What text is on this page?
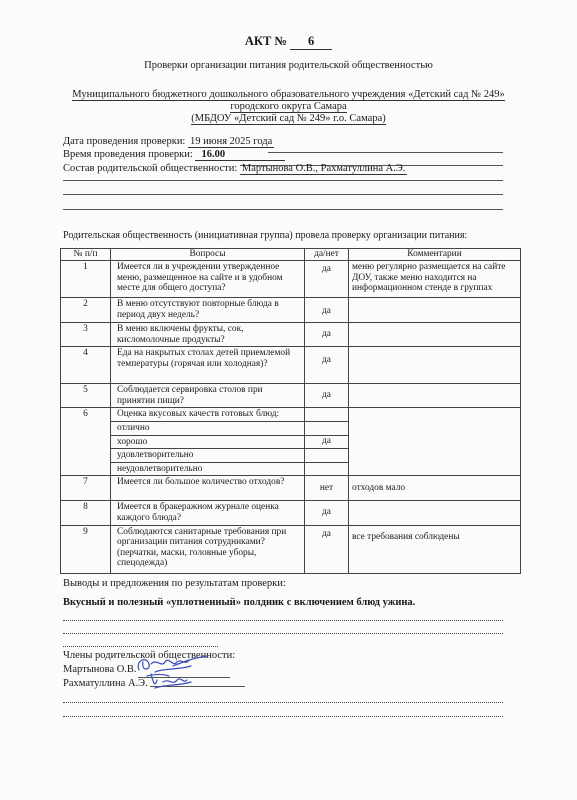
АКТ № 6
Проверки организации питания родительской общественностью
Муниципального бюджетного дошкольного образовательного учреждения «Детский сад № 249»
городского округа Самара
(МБДОУ «Детский сад № 249» г.о. Самара)
Дата проведения проверки: 19 июня 2025 года
Время проведения проверки: 16.00
Состав родительской общественности: Мартынова О.В., Рахматуллина А.Э.
Родительская общественность (инициативная группа) провела проверку организации питания:
№ п/п	Вопросы	да/нет	Комментарии
1	Имеется ли в учреждении утвержденное меню, размещенное на сайте и в удобном месте для общего доступа?	да	меню регулярно размещается на сайте ДОУ, также меню находится на информационном стенде в группах
2	В меню отсутствуют повторные блюда в период двух недель?	да	
3	В меню включены фрукты, сок, кисломолочные продукты?	да	
4	Еда на накрытых столах детей приемлемой температуры (горячая или холодная)?	да	
5	Соблюдается сервировка столов при принятии пищи?	да	
6	Оценка вкусовых качеств готовых блюд:		
	отлично		
	хорошо	да	
	удовлетворительно		
	неудовлетворительно		
7	Имеется ли большое количество отходов?	нет	отходов мало
8	Имеется в бракеражном журнале оценка каждого блюда?	да	
9	Соблюдаются санитарные требования при организации питания сотрудниками? (перчатки, маски, головные уборы, спецодежда)	да	все требования соблюдены
Выводы и предложения по результатам проверки:
Вкусный и полезный «уплотненный» полдник с включением блюд ужина.
Члены родительской общественности:
Мартынова О.В.
Рахматуллина А.Э.
